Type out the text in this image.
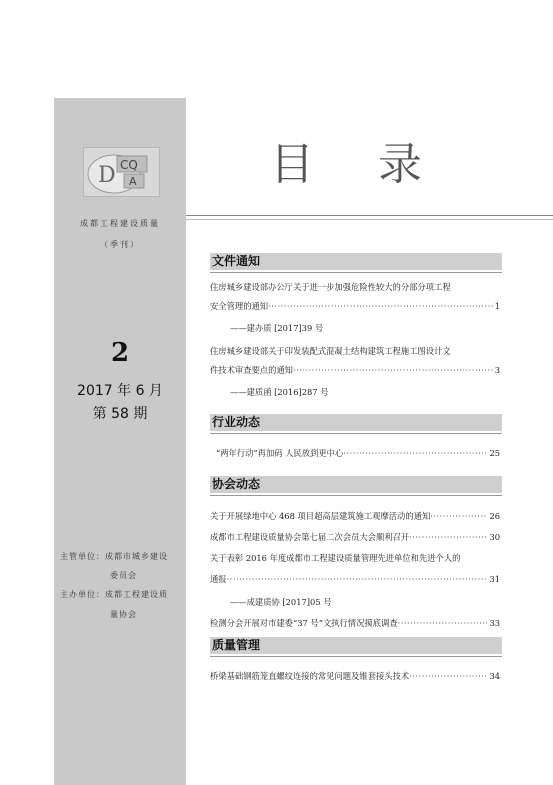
D CQ
A
成都工程建设质量
（季刊）
2
2017 年 6 月
第 58 期
主管单位：成都市城乡建设
委员会
主办单位：成都工程建设质
量协会
目录
文件通知
住房城乡建设部办公厅关于进一步加强危险性较大的分部分项工程
安全管理的通知 ·····	1
——建办质 [2017]39 号
住房城乡建设部关于印发装配式混凝土结构建筑工程施工图设计文
件技术审查要点的通知 ·····	3
——建质函 [2016]287 号
行业动态
“两年行动”再加码 人民放到更中心 ·····	25
协会动态
关于开展绿地中心 468 项目超高层建筑施工观摩活动的通知 ·····	26
成都市工程建设质量协会第七届二次会员大会顺利召开 ·····	30
关于表彰 2016 年度成都市工程建设质量管理先进单位和先进个人的
通报 ·····	31
——成建质协 [2017]05 号
检测分会开展对市建委“37 号”文执行情况摸底调查 ·····	33
质量管理
桥梁基础钢筋笼直螺纹连接的常见问题及锥套接头技术 ·····	34
